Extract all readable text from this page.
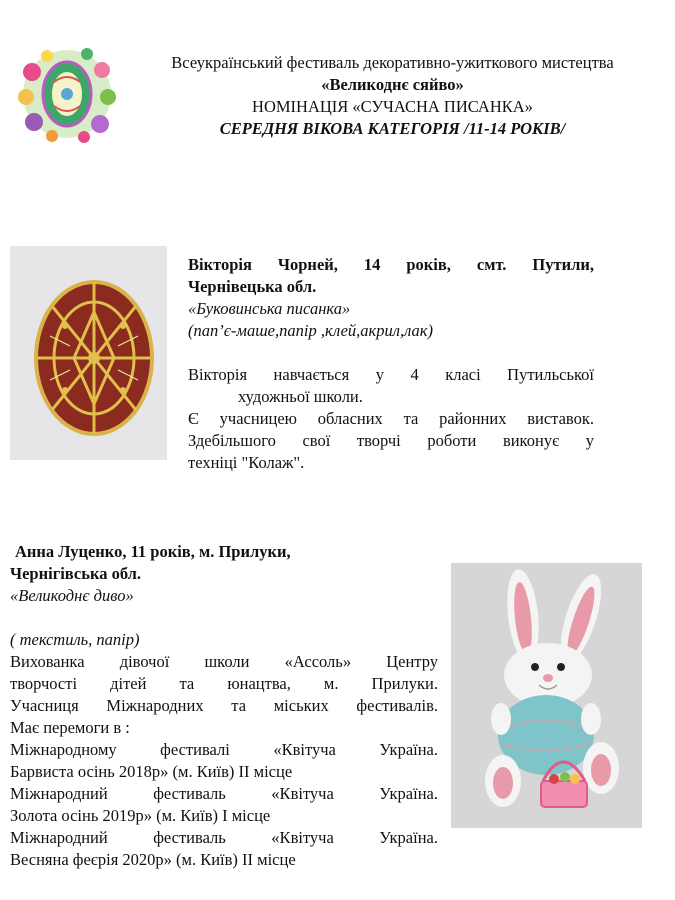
Всеукраїнський фестиваль декоративно-ужиткового мистецтва
«Великоднє сяйво»
НОМІНАЦІЯ «СУЧАСНА ПИСАНКА»
СЕРЕДНЯ ВІКОВА КАТЕГОРІЯ /11-14 РОКІВ/
Вікторія Чорней, 14 років, смт. Путили,
Чернівецька обл.
«Буковинська писанка»
(пап’є-маше,папір ,клей,акрил,лак)
Вікторія навчається у 4 класі Путильської
художньої школи.
Є учасницею обласних та районних виставок.
Здебільшого свої творчі роботи виконує у
техніці "Колаж".
Анна Луценко, 11 років, м. Прилуки,
Чернігівська обл.
«Великоднє диво»
( текстиль, папір)
Вихованка дівочої школи «Ассоль» Центру
творчості дітей та юнацтва, м. Прилуки.
Учасниця Міжнародних та міських фестивалів.
Має перемоги в :
Міжнародному фестивалі «Квітуча Україна.
Барвиста осінь 2018р» (м. Київ) ІІ місце
Міжнародний фестиваль «Квітуча Україна.
Золота осінь 2019р» (м. Київ) І місце
Міжнародний фестиваль «Квітуча Україна.
Весняна феєрія 2020р» (м. Київ) ІІ місце
